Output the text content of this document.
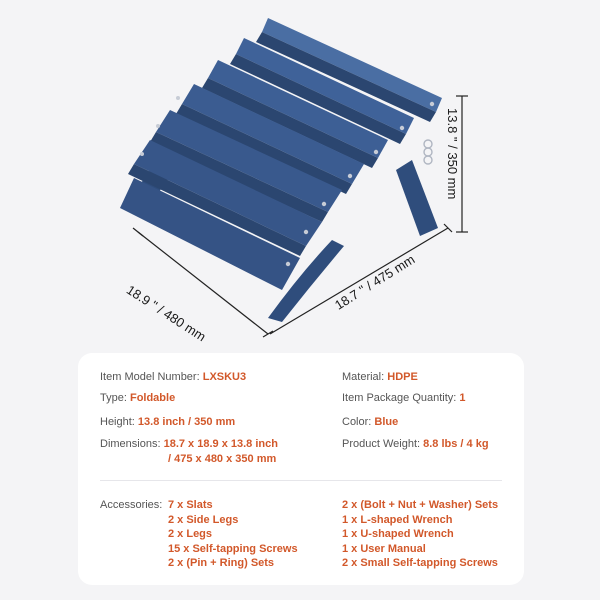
18.9 " / 480 mm	18.7 " / 475 mm
13.8 " / 350 mm
Item Model Number: LXSKU3	Material: HDPE
Type: Foldable	Item Package Quantity: 1
Height: 13.8 inch / 350 mm	Color: Blue
Dimensions: 18.7 x 18.9 x 13.8 inch
/ 475 x 480 x 350 mm
Product Weight: 8.8 lbs / 4 kg
Accessories: 7 x Slats
2 x Side Legs
2 x Legs
15 x Self-tapping Screws
2 x (Pin + Ring) Sets
2 x (Bolt + Nut + Washer) Sets
1 x L-shaped Wrench
1 x U-shaped Wrench
1 x User Manual
2 x Small Self-tapping Screws
